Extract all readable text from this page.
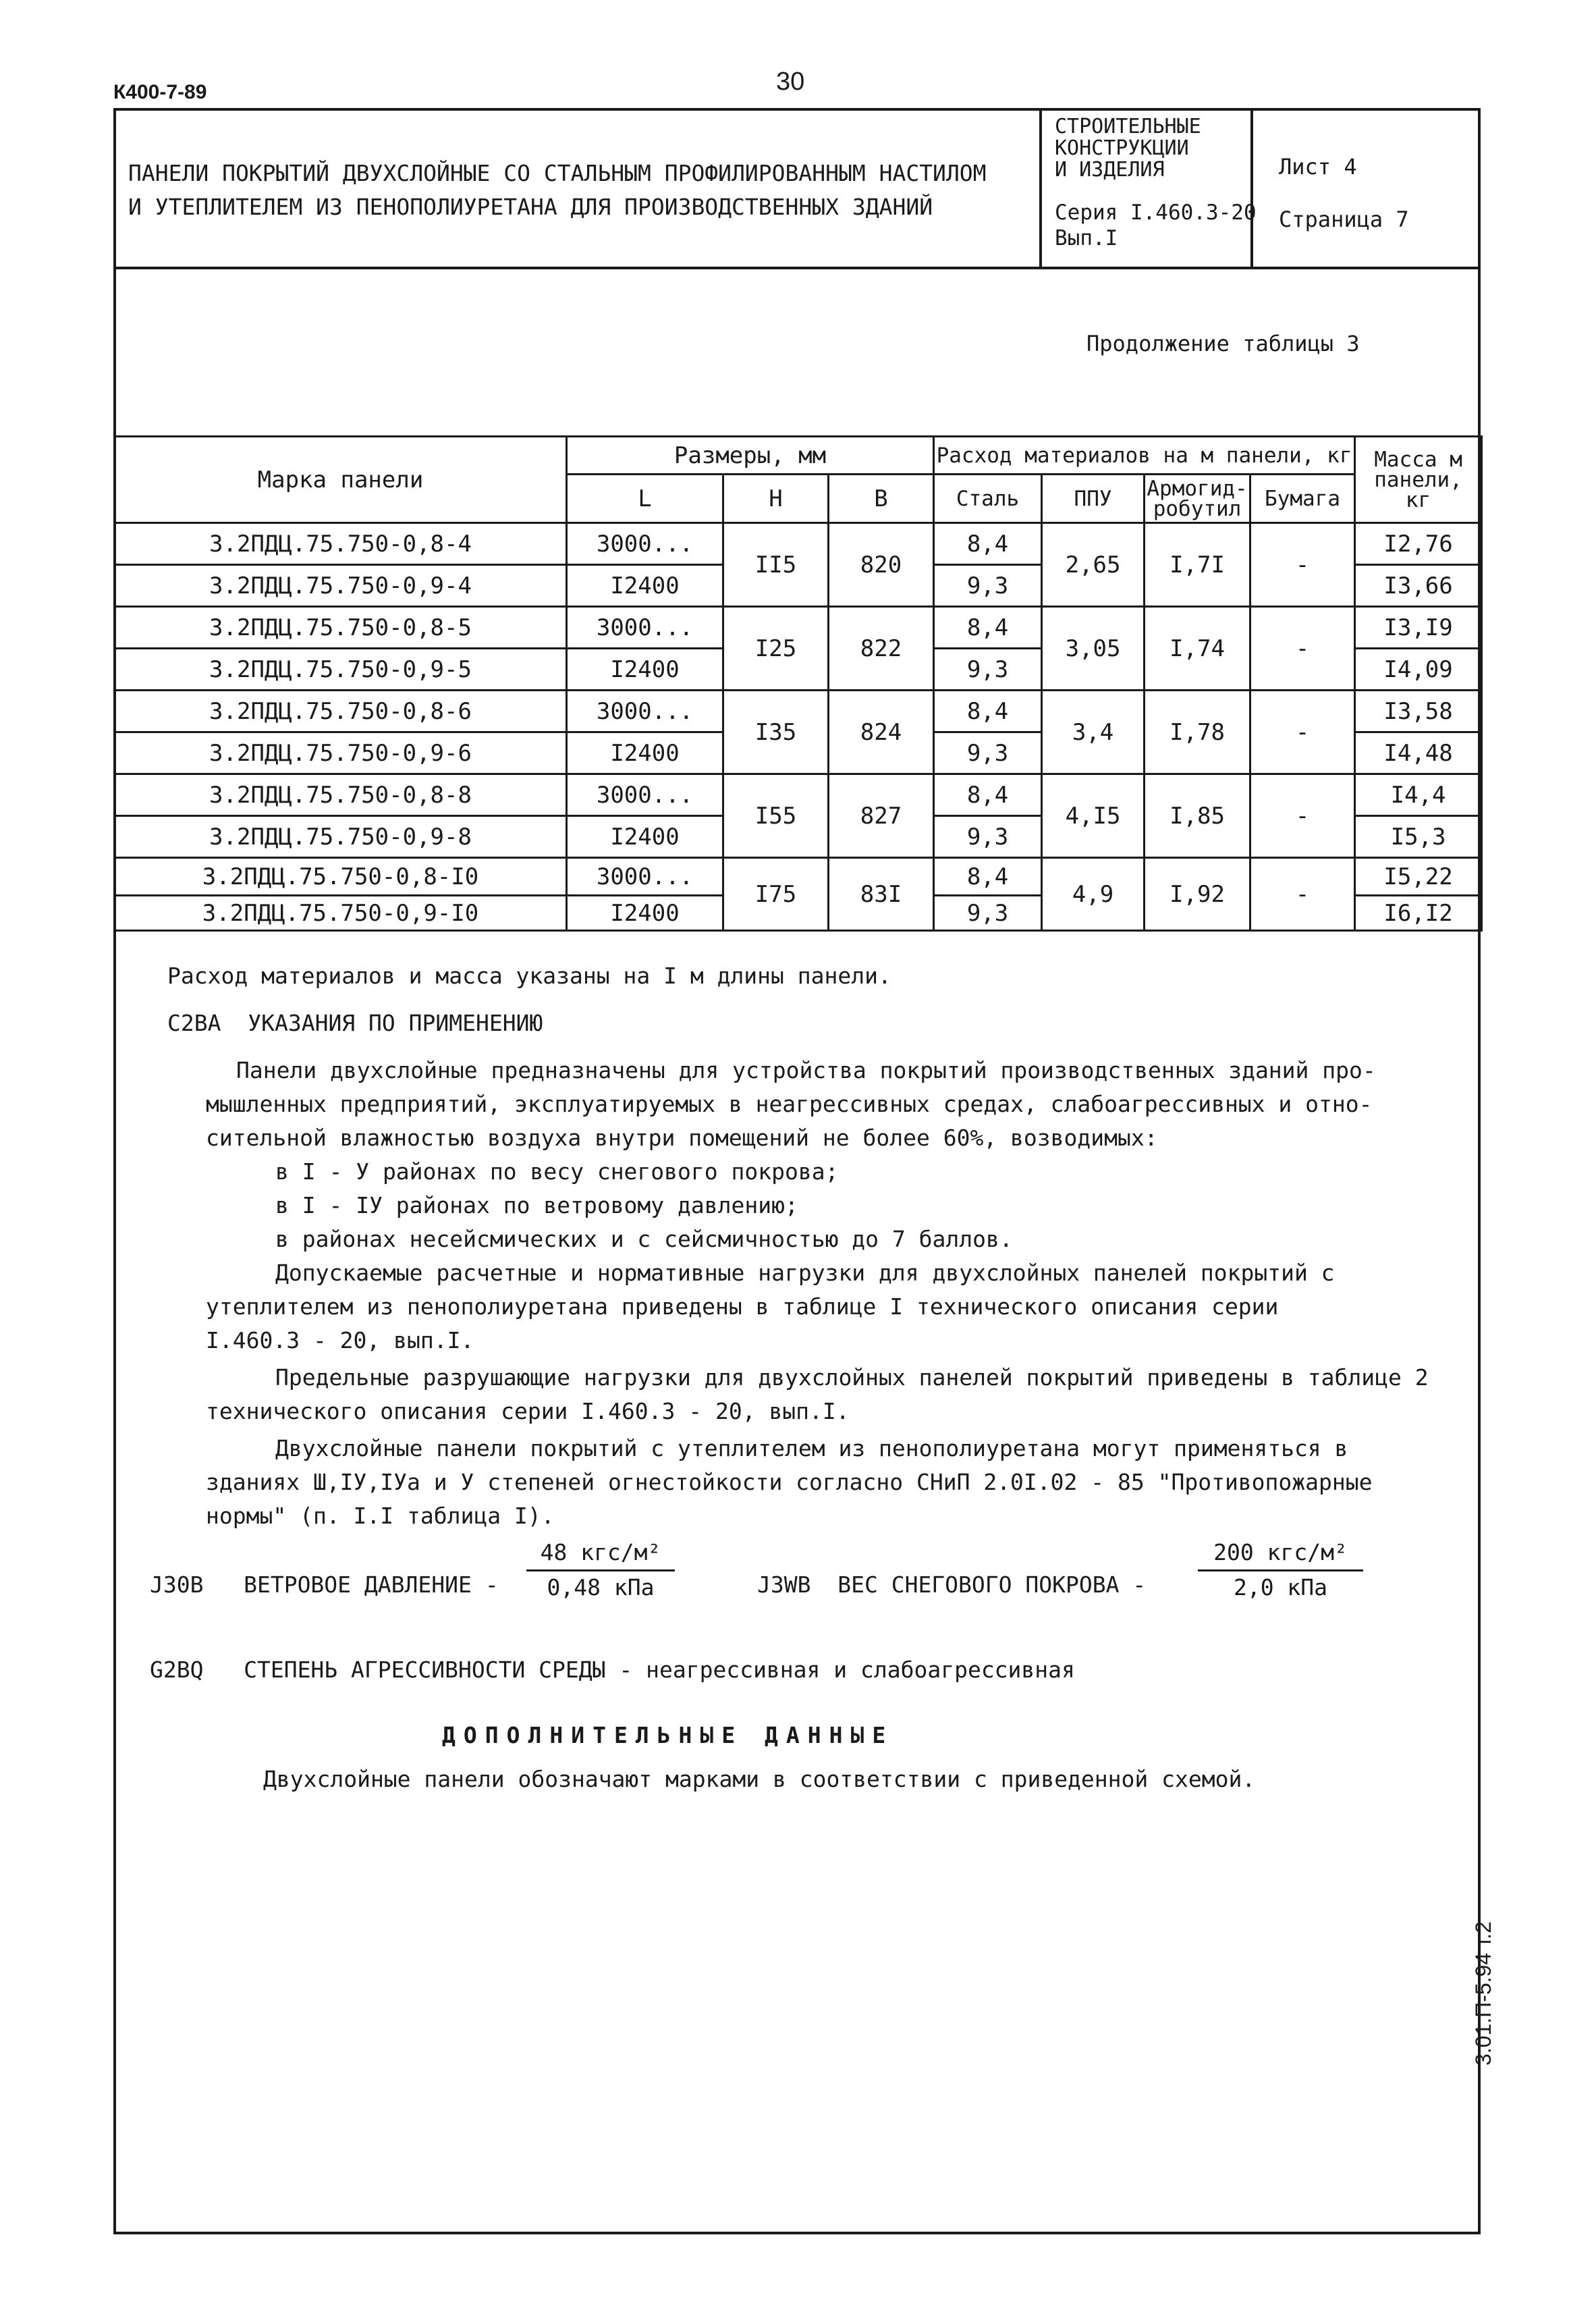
К400-7-89	30
ПАНЕЛИ ПОКРЫТИЙ ДВУХСЛОЙНЫЕ СО СТАЛЬНЫМ ПРОФИЛИРОВАННЫМ НАСТИЛОМ
И УТЕПЛИТЕЛЕМ ИЗ ПЕНОПОЛИУРЕТАНА ДЛЯ ПРОИЗВОДСТВЕННЫХ ЗДАНИЙ
СТРОИТЕЛЬНЫЕ
КОНСТРУКЦИИ
И ИЗДЕЛИЯ
Серия I.460.3-20
Вып.I
Лист 4
Страница 7
Продолжение таблицы 3
Марка панели	Размеры, мм			Расход материалов на м панели, кг				Масса м
панели,
кг

	L	Н	В	Сталь	ППУ	Армогид-
робутил	Бумага	
3.2ПДЦ.75.750-0,8-4	3000...	II5	820	8,4	2,65	I,7I	-	I2,76
3.2ПДЦ.75.750-0,9-4	I2400			9,3				I3,66
3.2ПДЦ.75.750-0,8-5	3000...	I25	822	8,4	3,05	I,74	-	I3,I9
3.2ПДЦ.75.750-0,9-5	I2400			9,3				I4,09
3.2ПДЦ.75.750-0,8-6	3000...	I35	824	8,4	3,4	I,78	-	I3,58
3.2ПДЦ.75.750-0,9-6	I2400			9,3				I4,48
3.2ПДЦ.75.750-0,8-8	3000...	I55	827	8,4	4,I5	I,85	-	I4,4
3.2ПДЦ.75.750-0,9-8	I2400			9,3				I5,3
3.2ПДЦ.75.750-0,8-I0	3000...	I75	83I	8,4	4,9	I,92	-	I5,22
3.2ПДЦ.75.750-0,9-I0	I2400			9,3				I6,I2
Расход материалов и масса указаны на I м длины панели.
C2BA УКАЗАНИЯ ПО ПРИМЕНЕНИЮ
Панели двухслойные предназначены для устройства покрытий производственных зданий про-
мышленных предприятий, эксплуатируемых в неагрессивных средах, слабоагрессивных и отно-
сительной влажностью воздуха внутри помещений не более 60%, возводимых:
в I - У районах по весу снегового покрова;
в I - IУ районах по ветровому давлению;
в районах несейсмических и с сейсмичностью до 7 баллов.
Допускаемые расчетные и нормативные нагрузки для двухслойных панелей покрытий с
утеплителем из пенополиуретана приведены в таблице I технического описания серии
I.460.3 - 20, вып.I.
Предельные разрушающие нагрузки для двухслойных панелей покрытий приведены в таблице 2
технического описания серии I.460.3 - 20, вып.I.
Двухслойные панели покрытий с утеплителем из пенополиуретана могут применяться в
зданиях Ш,IУ,IУа и У степеней огнестойкости согласно СНиП 2.0I.02 - 85 "Противопожарные
нормы" (п. I.I таблица I).
J30B ВЕТРОВОЕ ДАВЛЕНИЕ -
48 кгс/м²
0,48 кПа	J3WB ВЕС СНЕГОВОГО ПОКРОВА -
200 кгс/м²
2,0 кПа
G2BQ СТЕПЕНЬ АГРЕССИВНОСТИ СРЕДЫ - неагрессивная и слабоагрессивная
ДОПОЛНИТЕЛЬНЫЕ ДАННЫЕ
Двухслойные панели обозначают марками в соответствии с приведенной схемой.
3.01.П-5.94 т.2
